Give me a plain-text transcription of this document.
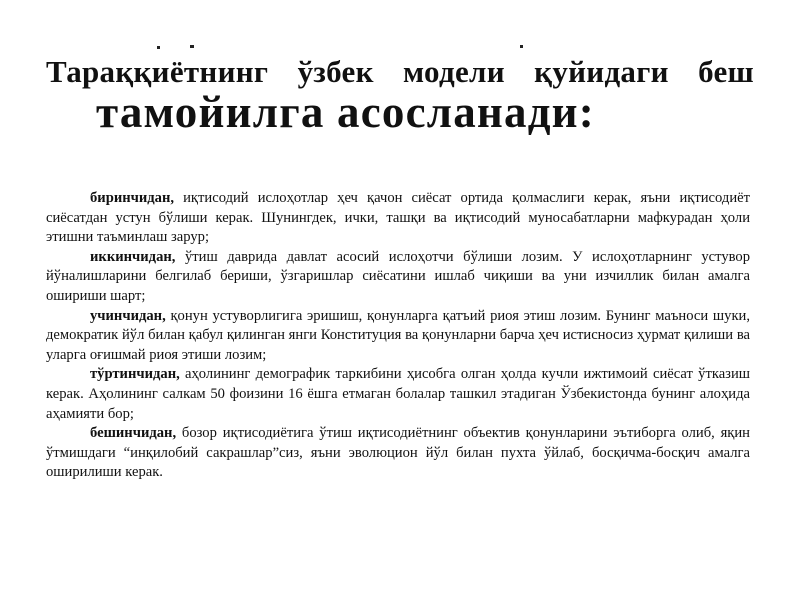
Тараққиётнинг ўзбек модели қуйидаги беш
тамойилга асосланади:

биринчидан, иқтисодий ислоҳотлар ҳеч қачон сиёсат ортида қолмаслиги керак, яъни иқтисодиёт сиёсатдан устун бўлиши керак. Шунингдек, ички, ташқи ва иқтисодий муносабатларни мафкурадан ҳоли этишни таъминлаш зарур;

иккинчидан, ўтиш даврида давлат асосий ислоҳотчи бўлиши лозим. У ислоҳотларнинг устувор йўналишларини белгилаб бериши, ўзгаришлар сиёсатини ишлаб чиқиши ва уни изчиллик билан амалга ошириши шарт;

учинчидан, қонун устуворлигига эришиш, қонунларга қатъий риоя этиш лозим. Бунинг маъноси шуки, демократик йўл билан қабул қилинган янги Конституция ва қонунларни барча ҳеч истисносиз ҳурмат қилиши ва уларга оғишмай риоя этиши лозим;

тўртинчидан, аҳолининг демографик таркибини ҳисобга олган ҳолда кучли ижтимоий сиёсат ўтказиш керак. Аҳолининг салкам 50 фоизини 16 ёшга етмаган болалар ташкил этадиган Ўзбекистонда бунинг алоҳида аҳамияти бор;

бешинчидан, бозор иқтисодиётига ўтиш иқтисодиётнинг объектив қонунларини эътиборга олиб, яқин ўтмишдаги “инқилобий сакрашлар”сиз, яъни эволюцион йўл билан пухта ўйлаб, босқичма-босқич амалга оширилиши керак.
